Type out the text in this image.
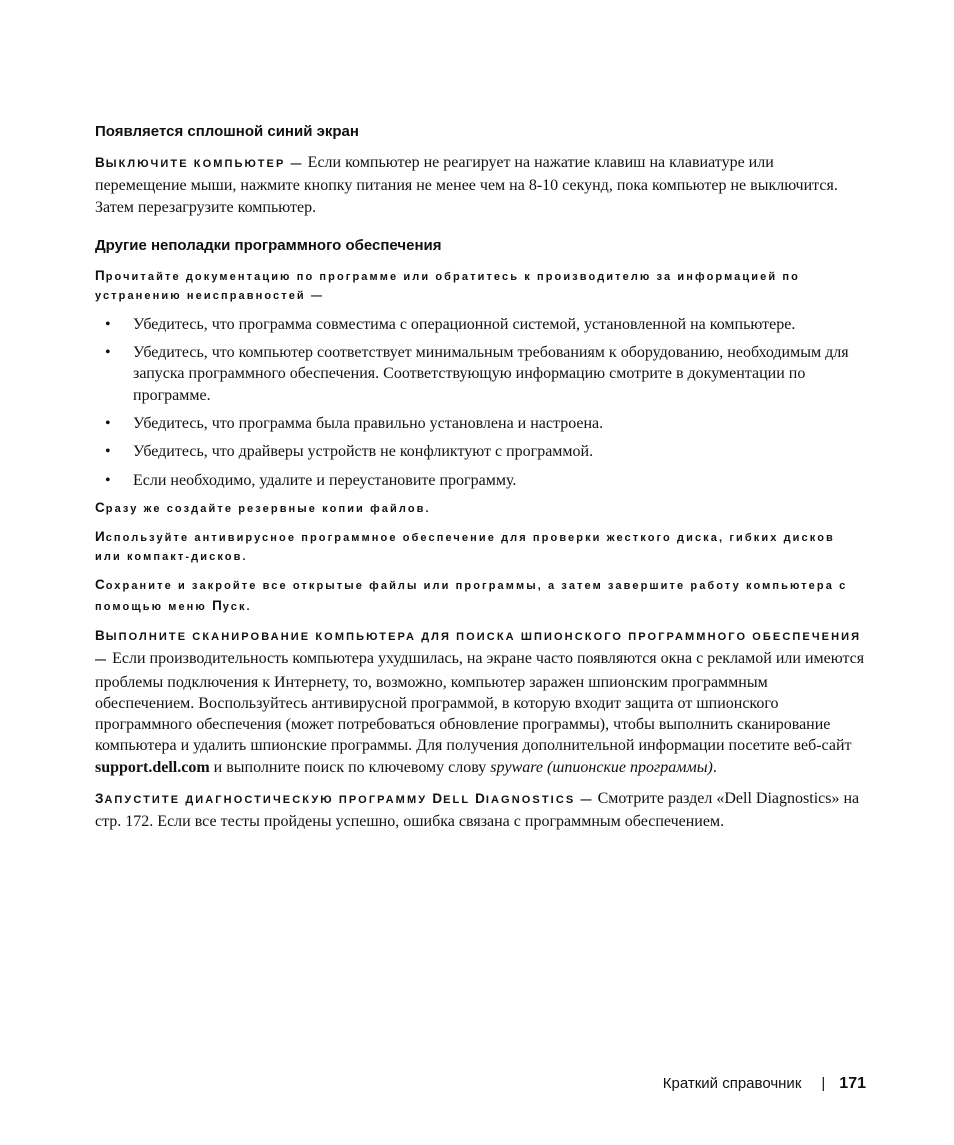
Появляется сплошной синий экран

ВЫКЛЮЧИТЕ КОМПЬЮТЕР — Если компьютер не реагирует на нажатие клавиш на клавиатуре или перемещение мыши, нажмите кнопку питания не менее чем на 8-10 секунд, пока компьютер не выключится. Затем перезагрузите компьютер.

Другие неполадки программного обеспечения
Прочитайте документацию по программе или обратитесь к производителю за информацией по устранению неисправностей —
• Убедитесь, что программа совместима с операционной системой, установленной на компьютере.
• Убедитесь, что компьютер соответствует минимальным требованиям к оборудованию, необходимым для запуска программного обеспечения. Соответствующую информацию смотрите в документации по программе.
• Убедитесь, что программа была правильно установлена и настроена.
• Убедитесь, что драйверы устройств не конфликтуют с программой.
• Если необходимо, удалите и переустановите программу.
Сразу же создайте резервные копии файлов.
Используйте антивирусное программное обеспечение для проверки жесткого диска, гибких дисков или компакт-дисков.
Сохраните и закройте все открытые файлы или программы, а затем завершите работу компьютера с помощью меню Пуск.

ВЫПОЛНИТЕ СКАНИРОВАНИЕ КОМПЬЮТЕРА ДЛЯ ПОИСКА ШПИОНСКОГО ПРОГРАММНОГО ОБЕСПЕЧЕНИЯ — Если производительность компьютера ухудшилась, на экране часто появляются окна с рекламой или имеются проблемы подключения к Интернету, то, возможно, компьютер заражен шпионским программным обеспечением. Воспользуйтесь антивирусной программой, в которую входит защита от шпионского программного обеспечения (может потребоваться обновление программы), чтобы выполнить сканирование компьютера и удалить шпионские программы. Для получения дополнительной информации посетите веб-сайт support.dell.com и выполните поиск по ключевому слову spyware (шпионские программы).

ЗАПУСТИТЕ ДИАГНОСТИЧЕСКУЮ ПРОГРАММУ DELL DIAGNOSTICS — Смотрите раздел «Dell Diagnostics» на стр. 172. Если все тесты пройдены успешно, ошибка связана с программным обеспечением.

Краткий справочник | 171
